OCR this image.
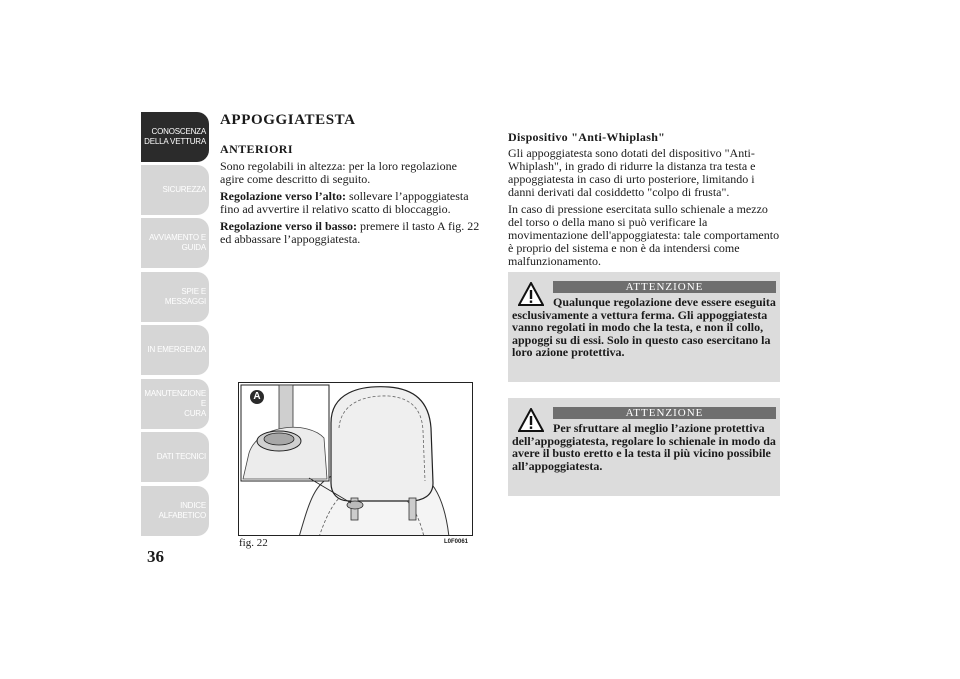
CONOSCENZA
DELLA VETTURA
SICUREZZA
AVVIAMENTO E
GUIDA
SPIE E MESSAGGI
IN EMERGENZA
MANUTENZIONE E
CURA
DATI TECNICI
INDICE
ALFABETICO
36
APPOGGIATESTA
ANTERIORI

Sono regolabili in altezza: per la loro regolazione agire come descritto di seguito.

Regolazione verso l’alto: sollevare l’appoggiatesta fino ad avvertire il relativo scatto di bloccaggio.

Regolazione verso il basso: premere il tasto A fig. 22 ed abbassare l’appoggiatesta.

A
fig. 22	L0F0061
Dispositivo "Anti-Whiplash"

Gli appoggiatesta sono dotati del dispositivo "Anti-Whiplash", in grado di ridurre la distanza tra testa e appoggiatesta in caso di urto posteriore, limitando i danni derivati dal cosiddetto "colpo di frusta".

In caso di pressione esercitata sullo schienale a mezzo del torso o della mano si può verificare la movimentazione dell'appoggiatesta: tale comportamento è proprio del sistema e non è da intendersi come malfunzionamento.

ATTENZIONE
Qualunque regolazione deve essere eseguita esclusivamente a vettura ferma. Gli appoggiatesta vanno regolati in modo che la testa, e non il collo, appoggi su di essi. Solo in questo caso esercitano la loro azione protettiva.
ATTENZIONE
Per sfruttare al meglio l’azione protettiva dell’appoggiatesta, regolare lo schienale in modo da avere il busto eretto e la testa il più vicino possibile all’appoggiatesta.
